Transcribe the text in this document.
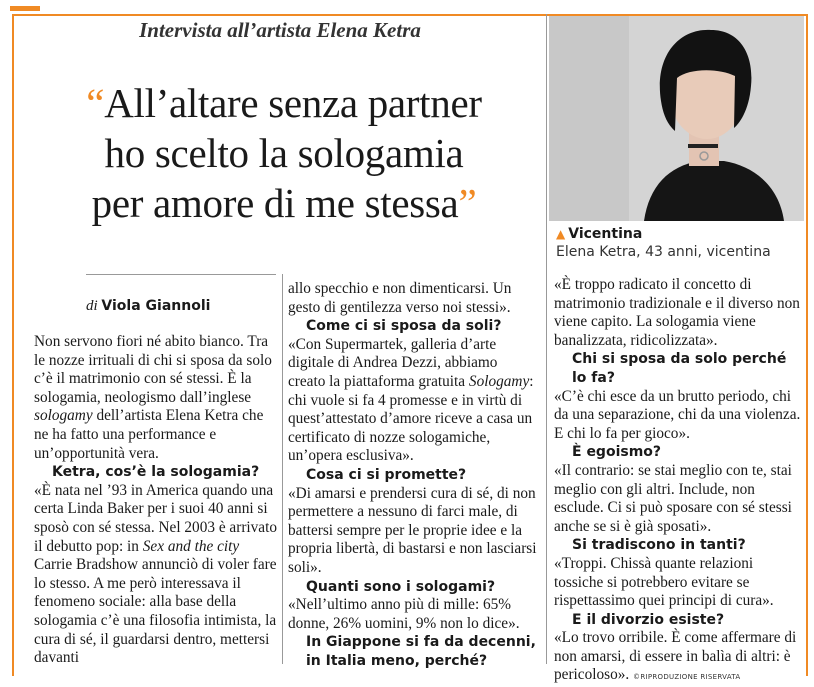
Intervista all’artista Elena Ketra
“All’altare senza partner
ho scelto la sologamia
per amore di me stessa”
▲ Vicentina
Elena Ketra, 43 anni, vicentina
di Viola Giannoli

Non servono fiori né abito bianco. Tra le nozze irrituali di chi si sposa da solo c’è il matrimonio con sé stessi. È la sologamia, neologismo dall’inglese sologamy dell’artista Elena Ketra che ne ha fatto una performance e un’opportunità vera.

Ketra, cos’è la sologamia?

«È nata nel ’93 in America quando una certa Linda Baker per i suoi 40 anni si sposò con sé stessa. Nel 2003 è arrivato il debutto pop: in Sex and the city Carrie Bradshow annunciò di voler fare lo stesso. A me però interessava il fenomeno sociale: alla base della sologamia c’è una filosofia intimista, la cura di sé, il guardarsi dentro, mettersi davanti

allo specchio e non dimenticarsi. Un gesto di gentilezza verso noi stessi».

Come ci si sposa da soli?

«Con Supermartek, galleria d’arte digitale di Andrea Dezzi, abbiamo creato la piattaforma gratuita Sologamy: chi vuole si fa 4 promesse e in virtù di quest’attestato d’amore riceve a casa un certificato di nozze sologamiche, un’opera esclusiva».

Cosa ci si promette?

«Di amarsi e prendersi cura di sé, di non permettere a nessuno di farci male, di battersi sempre per le proprie idee e la propria libertà, di bastarsi e non lasciarsi soli».

Quanti sono i sologami?

«Nell’ultimo anno più di mille: 65% donne, 26% uomini, 9% non lo dice».

In Giappone si fa da decenni, in Italia meno, perché?

«È troppo radicato il concetto di matrimonio tradizionale e il diverso non viene capito. La sologamia viene banalizzata, ridicolizzata».

Chi si sposa da solo perché lo fa?

«C’è chi esce da un brutto periodo, chi da una separazione, chi da una violenza. E chi lo fa per gioco».

È egoismo?

«Il contrario: se stai meglio con te, stai meglio con gli altri. Include, non esclude. Ci si può sposare con sé stessi anche se si è già sposati».

Si tradiscono in tanti?

«Troppi. Chissà quante relazioni tossiche si potrebbero evitare se rispettassimo quei principi di cura».

E il divorzio esiste?

«Lo trovo orribile. È come affermare di non amarsi, di essere in balìa di altri: è pericoloso». ©RIPRODUZIONE RISERVATA
